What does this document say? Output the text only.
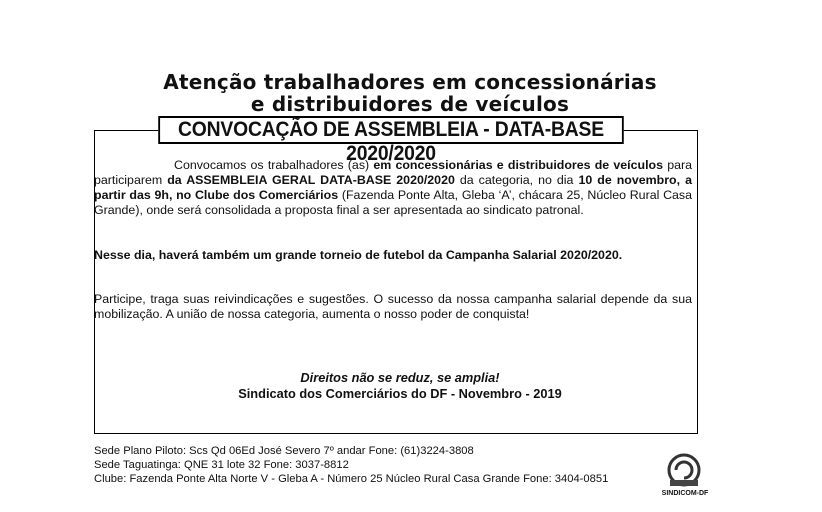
Atenção trabalhadores em concessionárias
e distribuidores de veículos
CONVOCAÇÃO DE ASSEMBLEIA - DATA-BASE 2020/2020
Convocamos os trabalhadores (as) em concessionárias e distribuidores de veículos para participarem da ASSEMBLEIA GERAL DATA-BASE 2020/2020 da categoria, no dia 10 de novembro, a partir das 9h, no Clube dos Comerciários (Fazenda Ponte Alta, Gleba ‘A’, chácara 25, Núcleo Rural Casa Grande), onde será consolidada a proposta final a ser apresentada ao sindicato patronal.
Nesse dia, haverá também um grande torneio de futebol da Campanha Salarial 2020/2020.
Participe, traga suas reivindicações e sugestões. O sucesso da nossa campanha salarial depende da sua mobilização. A união de nossa categoria, aumenta o nosso poder de conquista!
Direitos não se reduz, se amplia!
Sindicato dos Comerciários do DF - Novembro - 2019
Sede Plano Piloto: Scs Qd 06Ed José Severo 7º andar Fone: (61)3224-3808
Sede Taguatinga: QNE 31 lote 32 Fone: 3037-8812
Clube: Fazenda Ponte Alta Norte V - Gleba A - Número 25 Núcleo Rural Casa Grande Fone: 3404-0851
SINDICOM-DF
